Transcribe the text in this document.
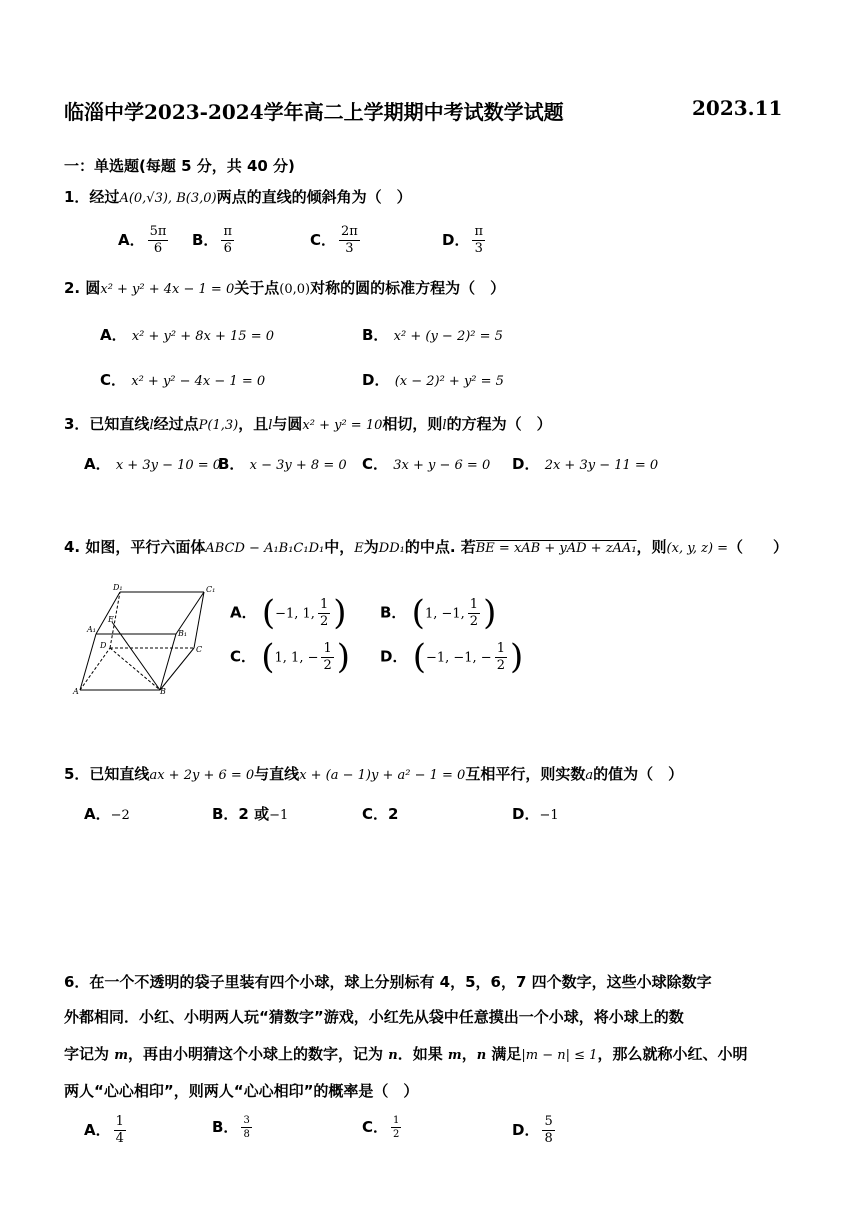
临淄中学2023-2024学年高二上学期期中考试数学试题	2023.11
一：单选题(每题 5 分，共 40 分)
1．经过A(0,√3), B(3,0)两点的直线的倾斜角为（　）
A． $\frac{5\pi}{6}$ B． $\frac{\pi}{6}$	C． $\frac{2\pi}{3}$	D． $\frac{\pi}{3}$
2. 圆x² + y² + 4x − 1 = 0关于点(0,0)对称的圆的标准方程为（　）
A． x² + y² + 8x + 15 = 0	B． x² + (y − 2)² = 5
C． x² + y² − 4x − 1 = 0	D． (x − 2)² + y² = 5
3．已知直线l经过点P(1,3)，且l与圆x² + y² = 10相切，则l的方程为（　）
A． x + 3y − 10 = 0
B． x − 3y + 8 = 0 C． 3x + y − 6 = 0 D． 2x + 3y − 11 = 0
4. 如图，平行六面体ABCD − A₁B₁C₁D₁中，E为DD₁的中点. 若BE = xAB + yAD + zAA₁，则(x, y, z) =（　　）
A	B
C
D
A₁	B₁
C₁
D₁
E	A． (−1, 1, $\frac{1}{2}$ ) B． (1, −1, $\frac{1}{2}$ )
C． (1, 1, − $\frac{1}{2}$ ) D． (−1, −1, − $\frac{1}{2}$ )
5．已知直线ax + 2y + 6 = 0与直线x + (a − 1)y + a² − 1 = 0互相平行，则实数a的值为（　）
A．−2	B．2 或−1	C．2	D．−1
6．在一个不透明的袋子里装有四个小球，球上分别标有 4，5，6，7 四个数字，这些小球除数字
外都相同．小红、小明两人玩“猜数字”游戏，小红先从袋中任意摸出一个小球，将小球上的数
字记为 m，再由小明猜这个小球上的数字，记为 n．如果 m，n 满足|m − n| ≤ 1，那么就称小红、小明
两人“心心相印”，则两人“心心相印”的概率是（　）
A． $\frac{1}{4}$	B． $\frac{3}{8}$	C． $\frac{1}{2}$	D． $\frac{5}{8}$
